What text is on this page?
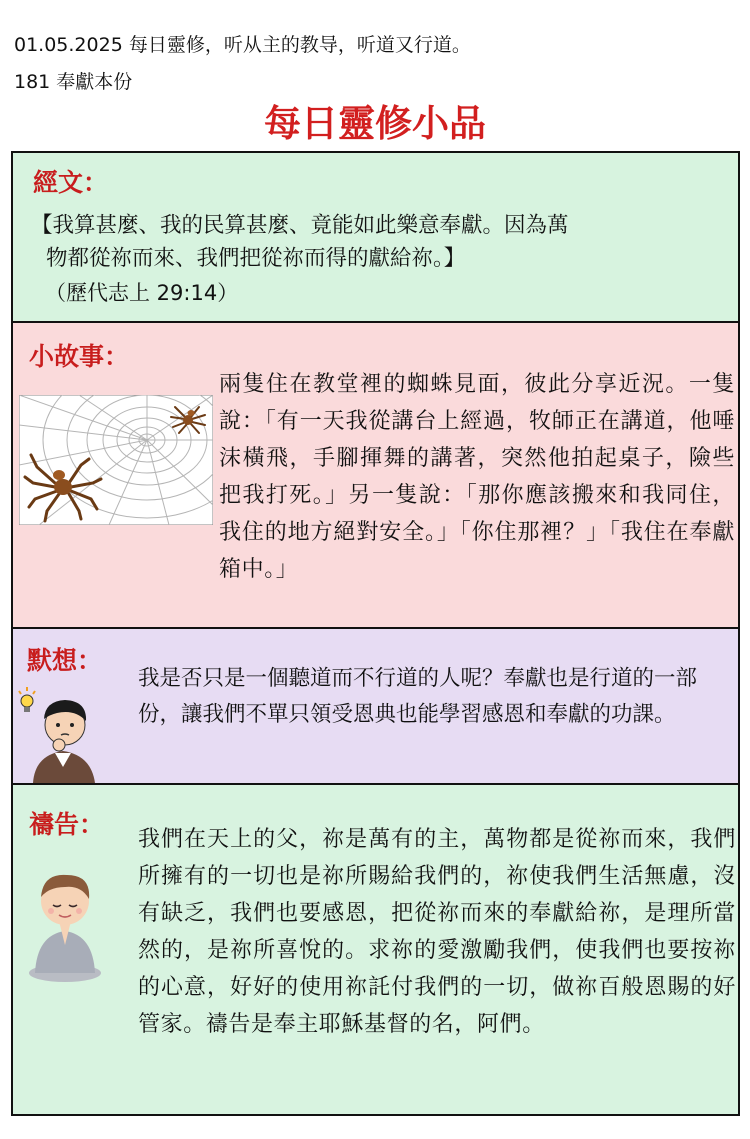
01.05.2025 每日靈修，听从主的教导，听道又行道。
181 奉獻本份
每日靈修小品
經文：
【我算甚麼、我的民算甚麼、竟能如此樂意奉獻。因為萬
物都從祢而來、我們把從祢而得的獻給祢。】
（歷代志上 29:14）
小故事：
兩隻住在教堂裡的蜘蛛見面，彼此分享近況。一隻說：「有一天我從講台上經過，牧師正在講道，他唾沫橫飛，手腳揮舞的講著，突然他拍起桌子，險些把我打死。」另一隻說：「那你應該搬來和我同住，我住的地方絕對安全。」「你住那裡？」「我住在奉獻箱中。」
默想：
我是否只是一個聽道而不行道的人呢？奉獻也是行道的一部份，讓我們不單只領受恩典也能學習感恩和奉獻的功課。
禱告：
我們在天上的父，祢是萬有的主，萬物都是從祢而來，我們所擁有的一切也是祢所賜給我們的，祢使我們生活無慮，沒有缺乏，我們也要感恩，把從祢而來的奉獻給祢，是理所當然的，是祢所喜悅的。求祢的愛激勵我們，使我們也要按祢的心意，好好的使用祢託付我們的一切，做祢百般恩賜的好管家。禱告是奉主耶穌基督的名，阿們。
